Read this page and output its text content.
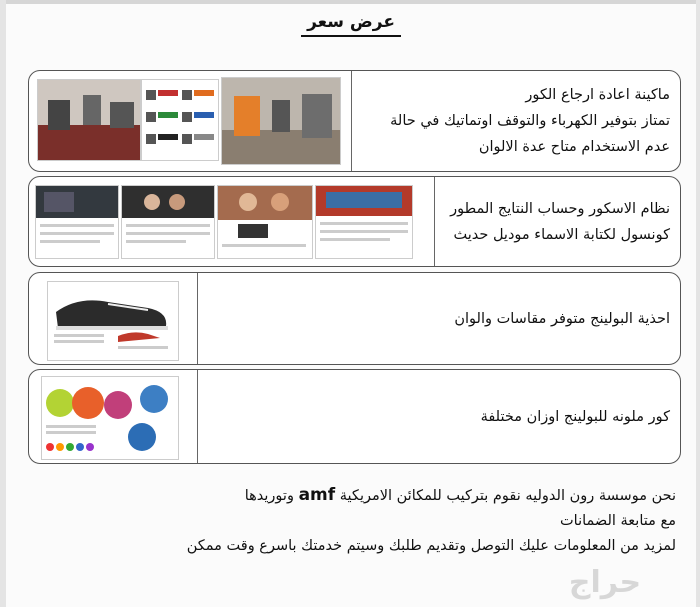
عرض سعر
ماكينة اعادة ارجاع الكور
تمتاز بتوفير الكهرباء والتوقف اوتماتيك في حالة
عدم الاستخدام متاح عدة الالوان
نظام الاسكور وحساب النتايج المطور
كونسول لكتابة الاسماء موديل حديث
احذية البولينج متوفر مقاسات والوان
كور ملونه للبولينج اوزان مختلفة
نحن موسسة رون الدوليه نقوم بتركيب للمكائن الامريكية amf وتوريدها
مع متابعة الضمانات
لمزيد من المعلومات عليك التوصل وتقديم طلبك وسيتم خدمتك باسرع وقت ممكن
حراج
